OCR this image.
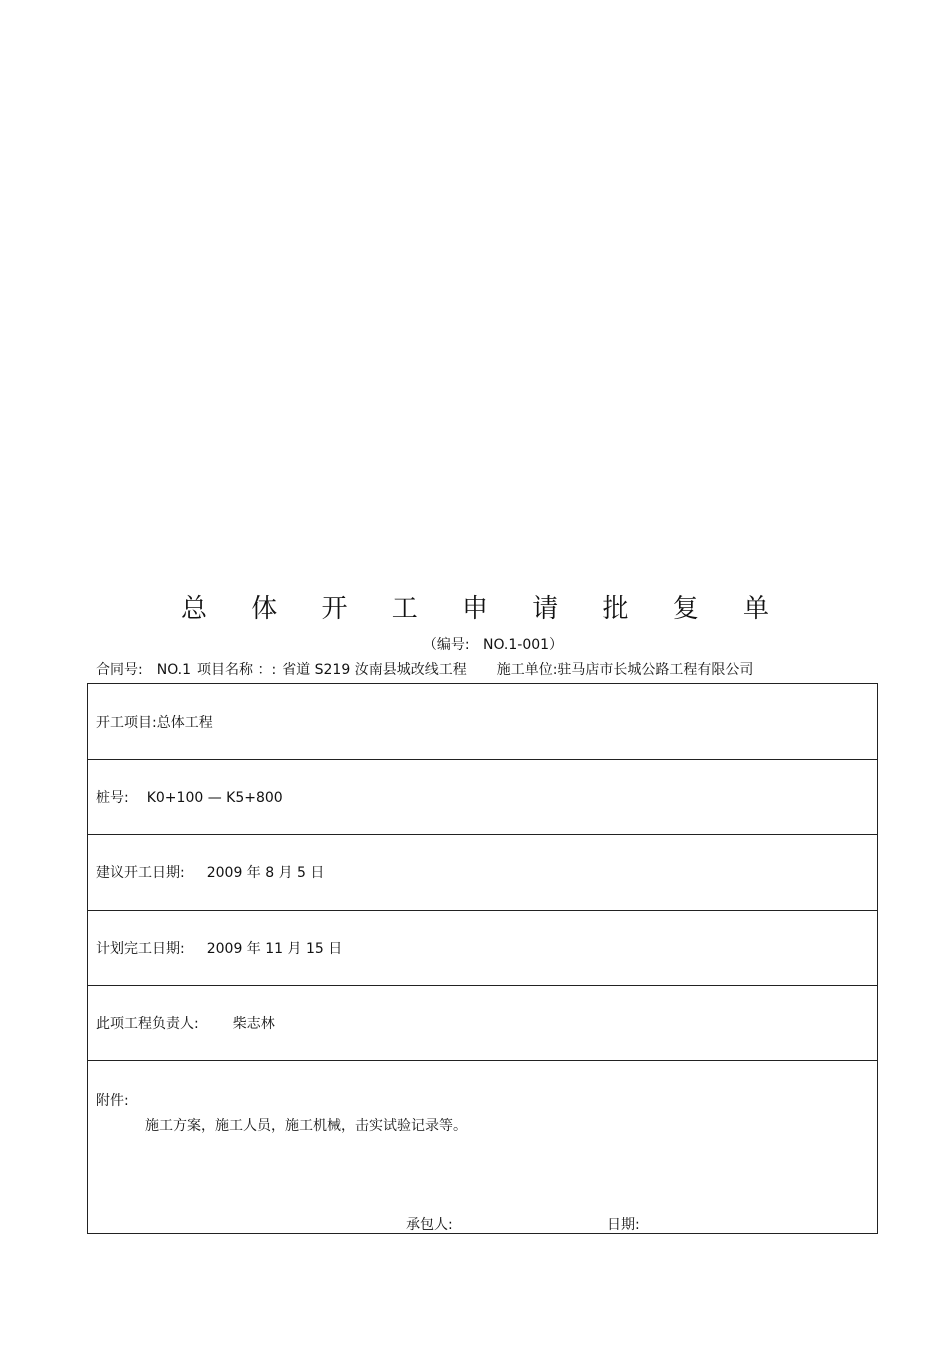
总 体 开 工 申 请 批 复 单
（编号: NO.1-001）
合同号: NO.1 项目名称 ：: 省道 S219 汝南县城改线工程 施工单位:驻马店市长城公路工程有限公司
开工项目:总体工程
桩号: K0+100 — K5+800
建议开工日期: 2009 年 8 月 5 日
计划完工日期: 2009 年 11 月 15 日
此项工程负责人: 柴志林
附件:
施工方案，施工人员，施工机械，击实试验记录等。
承包人:	日期:
